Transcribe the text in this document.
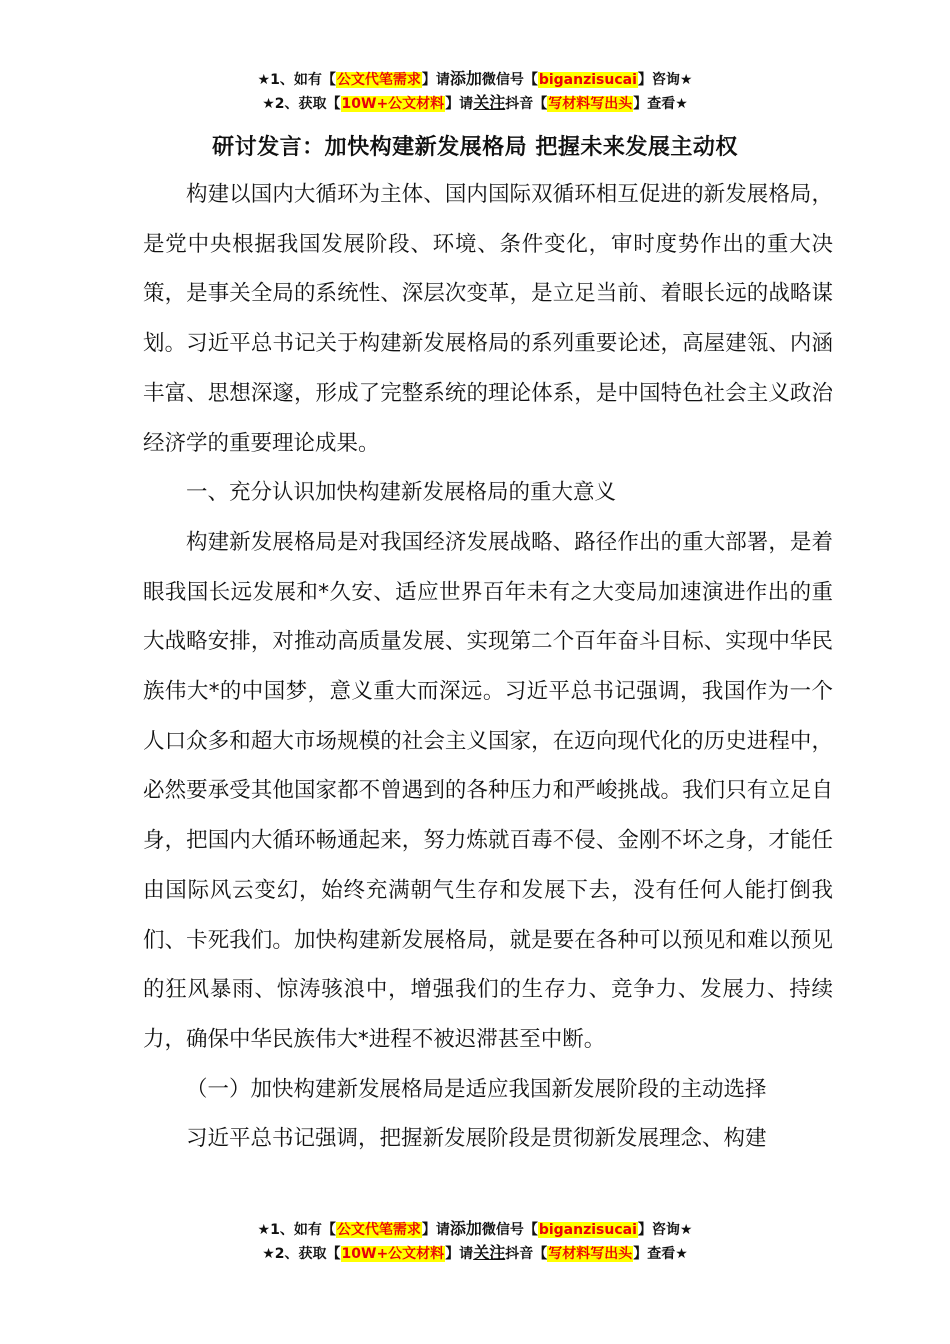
★1、如有【公文代笔需求】请添加微信号【biganzisucai】咨询★
★2、获取【10W+公文材料】请关注抖音【写材料写出头】查看★
研讨发言：加快构建新发展格局 把握未来发展主动权

构建以国内大循环为主体、国内国际双循环相互促进的新发展格局，是党中央根据我国发展阶段、环境、条件变化，审时度势作出的重大决策，是事关全局的系统性、深层次变革，是立足当前、着眼长远的战略谋划。习近平总书记关于构建新发展格局的系列重要论述，高屋建瓴、内涵丰富、思想深邃，形成了完整系统的理论体系，是中国特色社会主义政治经济学的重要理论成果。

一、充分认识加快构建新发展格局的重大意义

构建新发展格局是对我国经济发展战略、路径作出的重大部署，是着眼我国长远发展和*久安、适应世界百年未有之大变局加速演进作出的重大战略安排，对推动高质量发展、实现第二个百年奋斗目标、实现中华民族伟大*的中国梦，意义重大而深远。习近平总书记强调，我国作为一个人口众多和超大市场规模的社会主义国家，在迈向现代化的历史进程中，必然要承受其他国家都不曾遇到的各种压力和严峻挑战。我们只有立足自身，把国内大循环畅通起来，努力炼就百毒不侵、金刚不坏之身，才能任由国际风云变幻，始终充满朝气生存和发展下去，没有任何人能打倒我们、卡死我们。加快构建新发展格局，就是要在各种可以预见和难以预见的狂风暴雨、惊涛骇浪中，增强我们的生存力、竞争力、发展力、持续力，确保中华民族伟大*进程不被迟滞甚至中断。

（一）加快构建新发展格局是适应我国新发展阶段的主动选择

习近平总书记强调，把握新发展阶段是贯彻新发展理念、构建

★1、如有【公文代笔需求】请添加微信号【biganzisucai】咨询★
★2、获取【10W+公文材料】请关注抖音【写材料写出头】查看★
